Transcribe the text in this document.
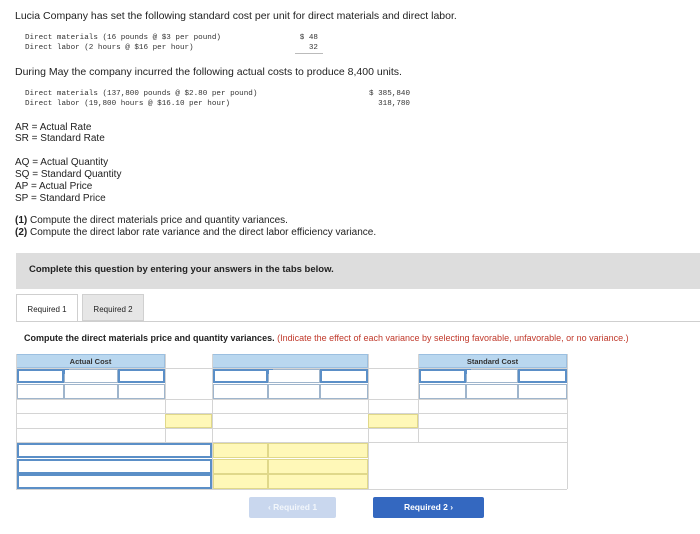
Lucia Company has set the following standard cost per unit for direct materials and direct labor.
Direct materials (16 pounds @ $3 per pound)	$ 48
Direct labor (2 hours @ $16 per hour)	32
During May the company incurred the following actual costs to produce 8,400 units.
Direct materials (137,800 pounds @ $2.80 per pound)	$ 385,840
Direct labor (19,800 hours @ $16.10 per hour)	318,780
AR = Actual Rate
SR = Standard Rate
AQ = Actual Quantity
SQ = Standard Quantity
AP = Actual Price
SP = Standard Price
(1) Compute the direct materials price and quantity variances.
(2) Compute the direct labor rate variance and the direct labor efficiency variance.
Complete this question by entering your answers in the tabs below.
Required 1	Required 2
Compute the direct materials price and quantity variances. (Indicate the effect of each variance by selecting favorable, unfavorable, or no variance.)
Actual Cost	Standard Cost
‹ Required 1	Required 2 ›
